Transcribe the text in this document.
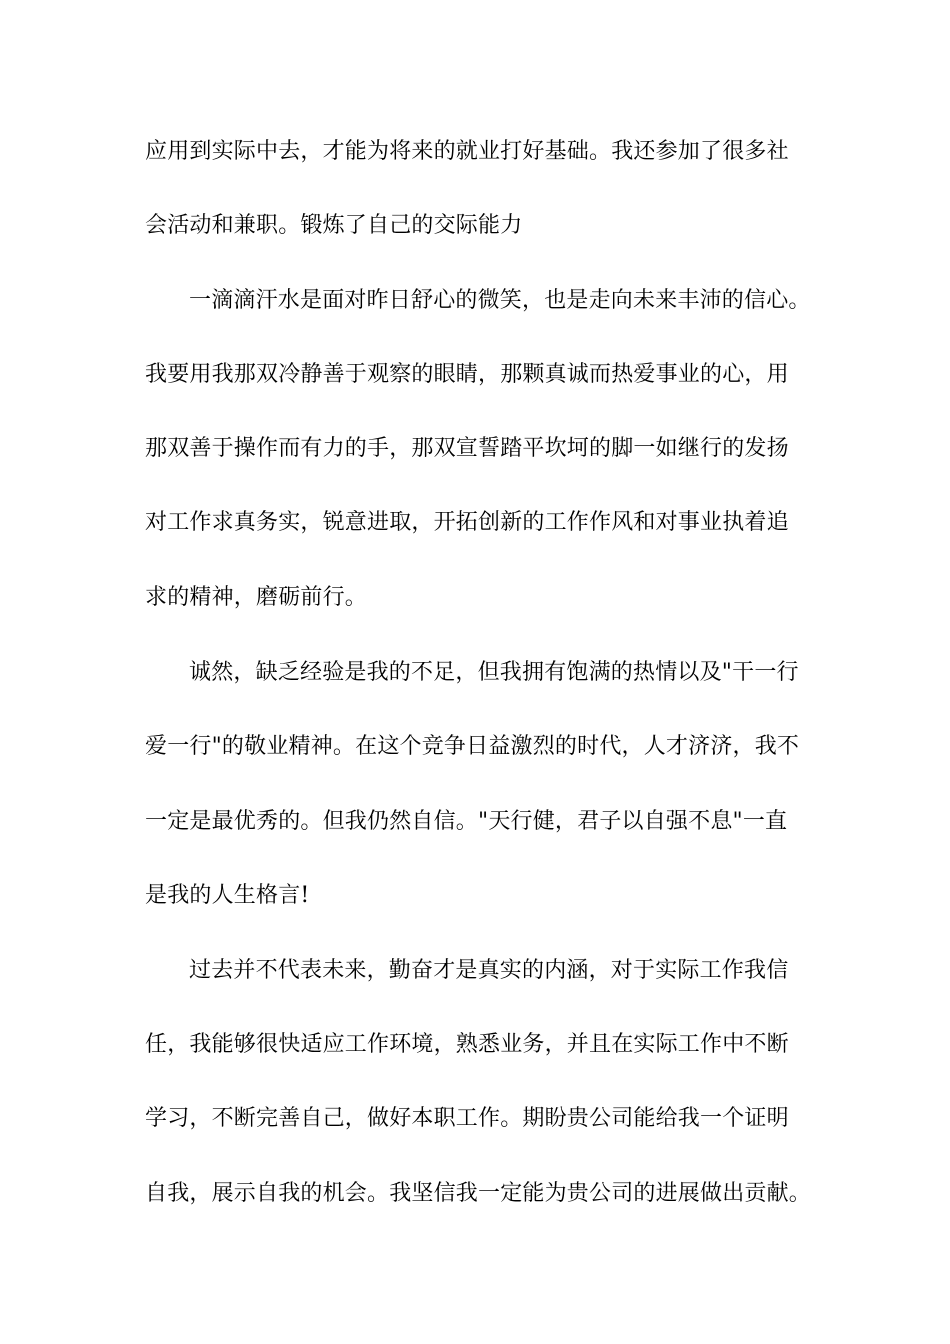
应用到实际中去，才能为将来的就业打好基础。我还参加了很多社
会活动和兼职。锻炼了自己的交际能力
一滴滴汗水是面对昨日舒心的微笑，也是走向未来丰沛的信心。
我要用我那双冷静善于观察的眼睛，那颗真诚而热爱事业的心，用
那双善于操作而有力的手，那双宣誓踏平坎坷的脚一如继行的发扬
对工作求真务实，锐意进取，开拓创新的工作作风和对事业执着追
求的精神，磨砺前行。
诚然，缺乏经验是我的不足，但我拥有饱满的热情以及"干一行
爱一行"的敬业精神。在这个竞争日益激烈的时代，人才济济，我不
一定是最优秀的。但我仍然自信。"天行健，君子以自强不息"一直
是我的人生格言!
过去并不代表未来，勤奋才是真实的内涵，对于实际工作我信
任，我能够很快适应工作环境，熟悉业务，并且在实际工作中不断
学习，不断完善自己，做好本职工作。期盼贵公司能给我一个证明
自我，展示自我的机会。我坚信我一定能为贵公司的进展做出贡献。
